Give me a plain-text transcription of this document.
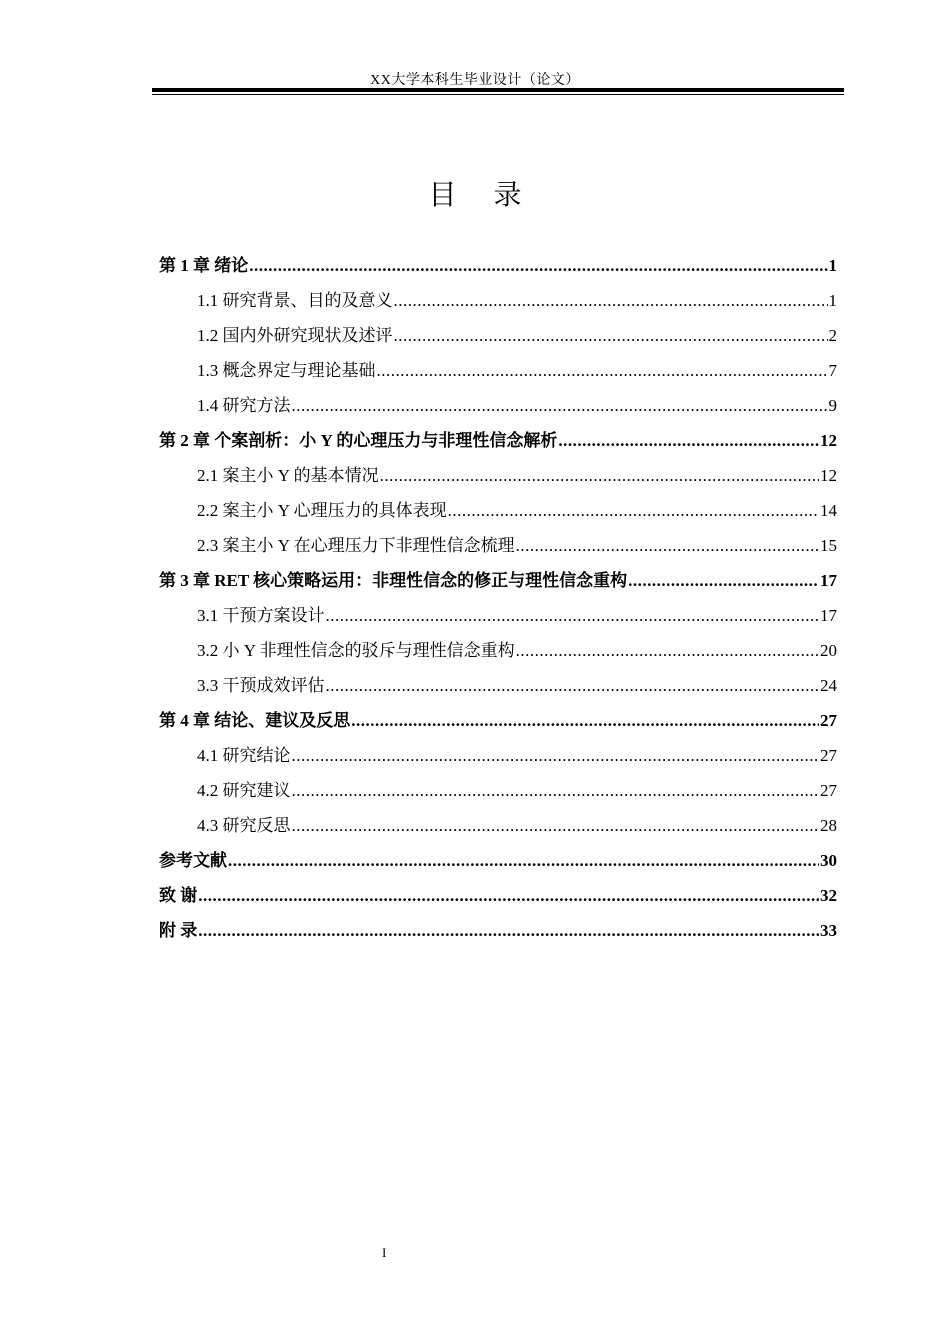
XX大学本科生毕业设计（论文）
目 录
第 1 章 绪论 .....	1
1.1 研究背景、目的及意义 .....	1
1.2 国内外研究现状及述评 .....	2
1.3 概念界定与理论基础 .....	7
1.4 研究方法 .....	9
第 2 章 个案剖析：小 Y 的心理压力与非理性信念解析 .....	12
2.1 案主小 Y 的基本情况 .....	12
2.2 案主小 Y 心理压力的具体表现 .....	14
2.3 案主小 Y 在心理压力下非理性信念梳理 .....	15
第 3 章 RET 核心策略运用：非理性信念的修正与理性信念重构 .....	17
3.1 干预方案设计 .....	17
3.2 小 Y 非理性信念的驳斥与理性信念重构 .....	20
3.3 干预成效评估 .....	24
第 4 章 结论、建议及反思 .....	27
4.1 研究结论 .....	27
4.2 研究建议 .....	27
4.3 研究反思 .....	28
参考文献 .....	30
致 谢 .....	32
附 录 .....	33
I
